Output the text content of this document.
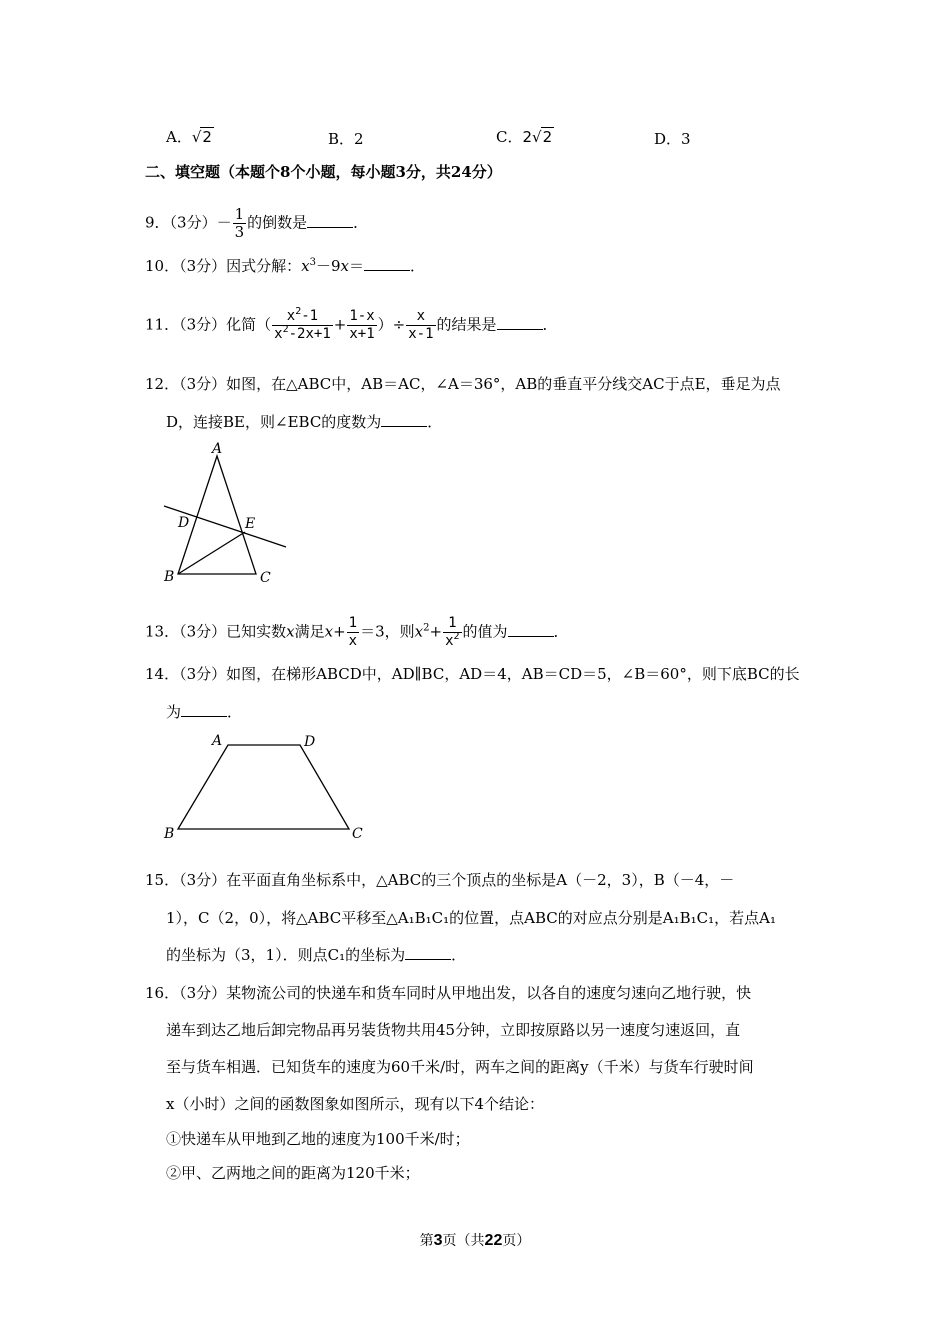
A．√2	B．2	C．2√2	D．3
二、填空题（本题个8个小题，每小题3分，共24分）
9．（3分）－ $\frac{1}{3}$ 的倒数是	．
10．（3分）因式分解：$x^3-9x=$	．
11．（3分）化简（ $\frac{x^2-1}{x^2-2x+1} + \frac{1-x}{x+1}$ ）÷ $\frac{x}{x-1}$ 的结果是	．
12．（3分）如图，在△ABC中，AB＝AC，∠A＝36°，AB的垂直平分线交AC于点E，垂足为点
D，连接BE，则∠EBC的度数为	．
A
B	C
D	E
13．（3分）已知实数x满足$x+ \frac{1}{x} =3$，则$x^2+ \frac{1}{x^2}$ 的值为	．
14．（3分）如图，在梯形ABCD中，AD∥BC，AD＝4，AB＝CD＝5，∠B＝60°，则下底BC的长
为	．
A	D
B	C
15．（3分）在平面直角坐标系中，△ABC的三个顶点的坐标是A（－2，3），B（－4，－
1），C（2，0），将△ABC平移至△A₁B₁C₁的位置，点ABC的对应点分别是A₁B₁C₁，若点A₁
的坐标为（3，1）．则点C₁的坐标为	．
16．（3分）某物流公司的快递车和货车同时从甲地出发，以各自的速度匀速向乙地行驶，快
递车到达乙地后卸完物品再另装货物共用45分钟，立即按原路以另一速度匀速返回，直
至与货车相遇．已知货车的速度为60千米/时，两车之间的距离y（千米）与货车行驶时间
x（小时）之间的函数图象如图所示，现有以下4个结论：
①快递车从甲地到乙地的速度为100千米/时；
②甲、乙两地之间的距离为120千米；
第3页（共22页）
